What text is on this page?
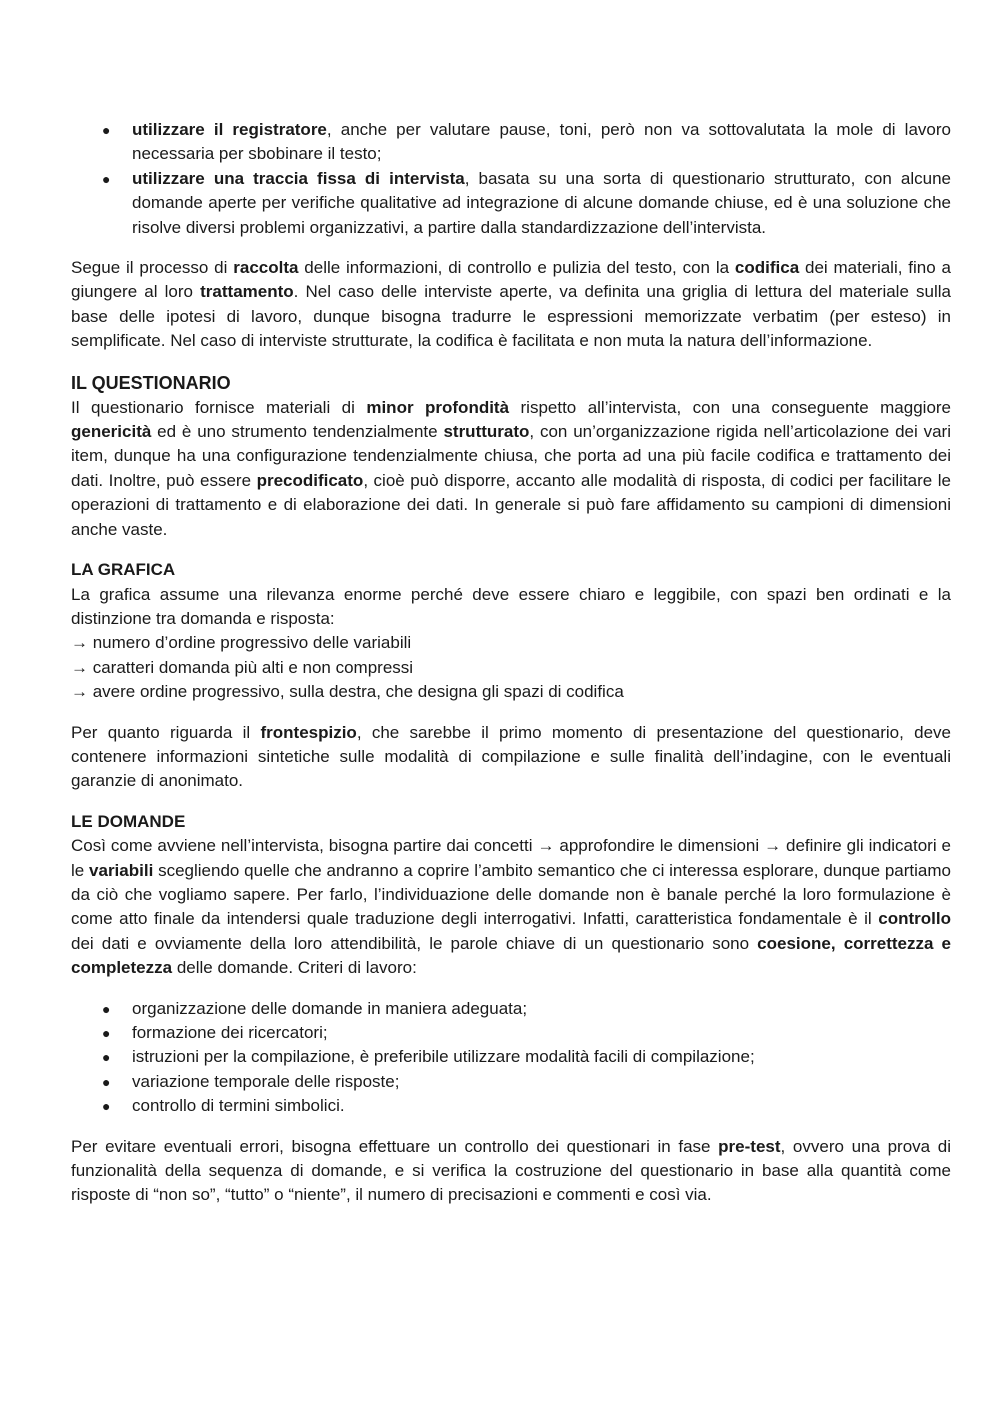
● utilizzare il registratore, anche per valutare pause, toni, però non va sottovalutata la mole di lavoro necessaria per sbobinare il testo;
● utilizzare una traccia fissa di intervista, basata su una sorta di questionario strutturato, con alcune domande aperte per verifiche qualitative ad integrazione di alcune domande chiuse, ed è una soluzione che risolve diversi problemi organizzativi, a partire dalla standardizzazione dell’intervista.

Segue il processo di raccolta delle informazioni, di controllo e pulizia del testo, con la codifica dei materiali, fino a giungere al loro trattamento. Nel caso delle interviste aperte, va definita una griglia di lettura del materiale sulla base delle ipotesi di lavoro, dunque bisogna tradurre le espressioni memorizzate verbatim (per esteso) in semplificate. Nel caso di interviste strutturate, la codifica è facilitata e non muta la natura dell’informazione.

IL QUESTIONARIO

Il questionario fornisce materiali di minor profondità rispetto all’intervista, con una conseguente maggiore genericità ed è uno strumento tendenzialmente strutturato, con un’organizzazione rigida nell’articolazione dei vari item, dunque ha una configurazione tendenzialmente chiusa, che porta ad una più facile codifica e trattamento dei dati. Inoltre, può essere precodificato, cioè può disporre, accanto alle modalità di risposta, di codici per facilitare le operazioni di trattamento e di elaborazione dei dati. In generale si può fare affidamento su campioni di dimensioni anche vaste.

LA GRAFICA

La grafica assume una rilevanza enorme perché deve essere chiaro e leggibile, con spazi ben ordinati e la distinzione tra domanda e risposta:

→ numero d’ordine progressivo delle variabili
→ caratteri domanda più alti e non compressi
→ avere ordine progressivo, sulla destra, che designa gli spazi di codifica

Per quanto riguarda il frontespizio, che sarebbe il primo momento di presentazione del questionario, deve contenere informazioni sintetiche sulle modalità di compilazione e sulle finalità dell’indagine, con le eventuali garanzie di anonimato.

LE DOMANDE

Così come avviene nell’intervista, bisogna partire dai concetti → approfondire le dimensioni → definire gli indicatori e le variabili scegliendo quelle che andranno a coprire l’ambito semantico che ci interessa esplorare, dunque partiamo da ciò che vogliamo sapere. Per farlo, l’individuazione delle domande non è banale perché la loro formulazione è come atto finale da intendersi quale traduzione degli interrogativi. Infatti, caratteristica fondamentale è il controllo dei dati e ovviamente della loro attendibilità, le parole chiave di un questionario sono coesione, correttezza e completezza delle domande. Criteri di lavoro:

● organizzazione delle domande in maniera adeguata;
● formazione dei ricercatori;
● istruzioni per la compilazione, è preferibile utilizzare modalità facili di compilazione;
● variazione temporale delle risposte;
● controllo di termini simbolici.

Per evitare eventuali errori, bisogna effettuare un controllo dei questionari in fase pre-test, ovvero una prova di funzionalità della sequenza di domande, e si verifica la costruzione del questionario in base alla quantità come risposte di “non so”, “tutto” o “niente”, il numero di precisazioni e commenti e così via.
